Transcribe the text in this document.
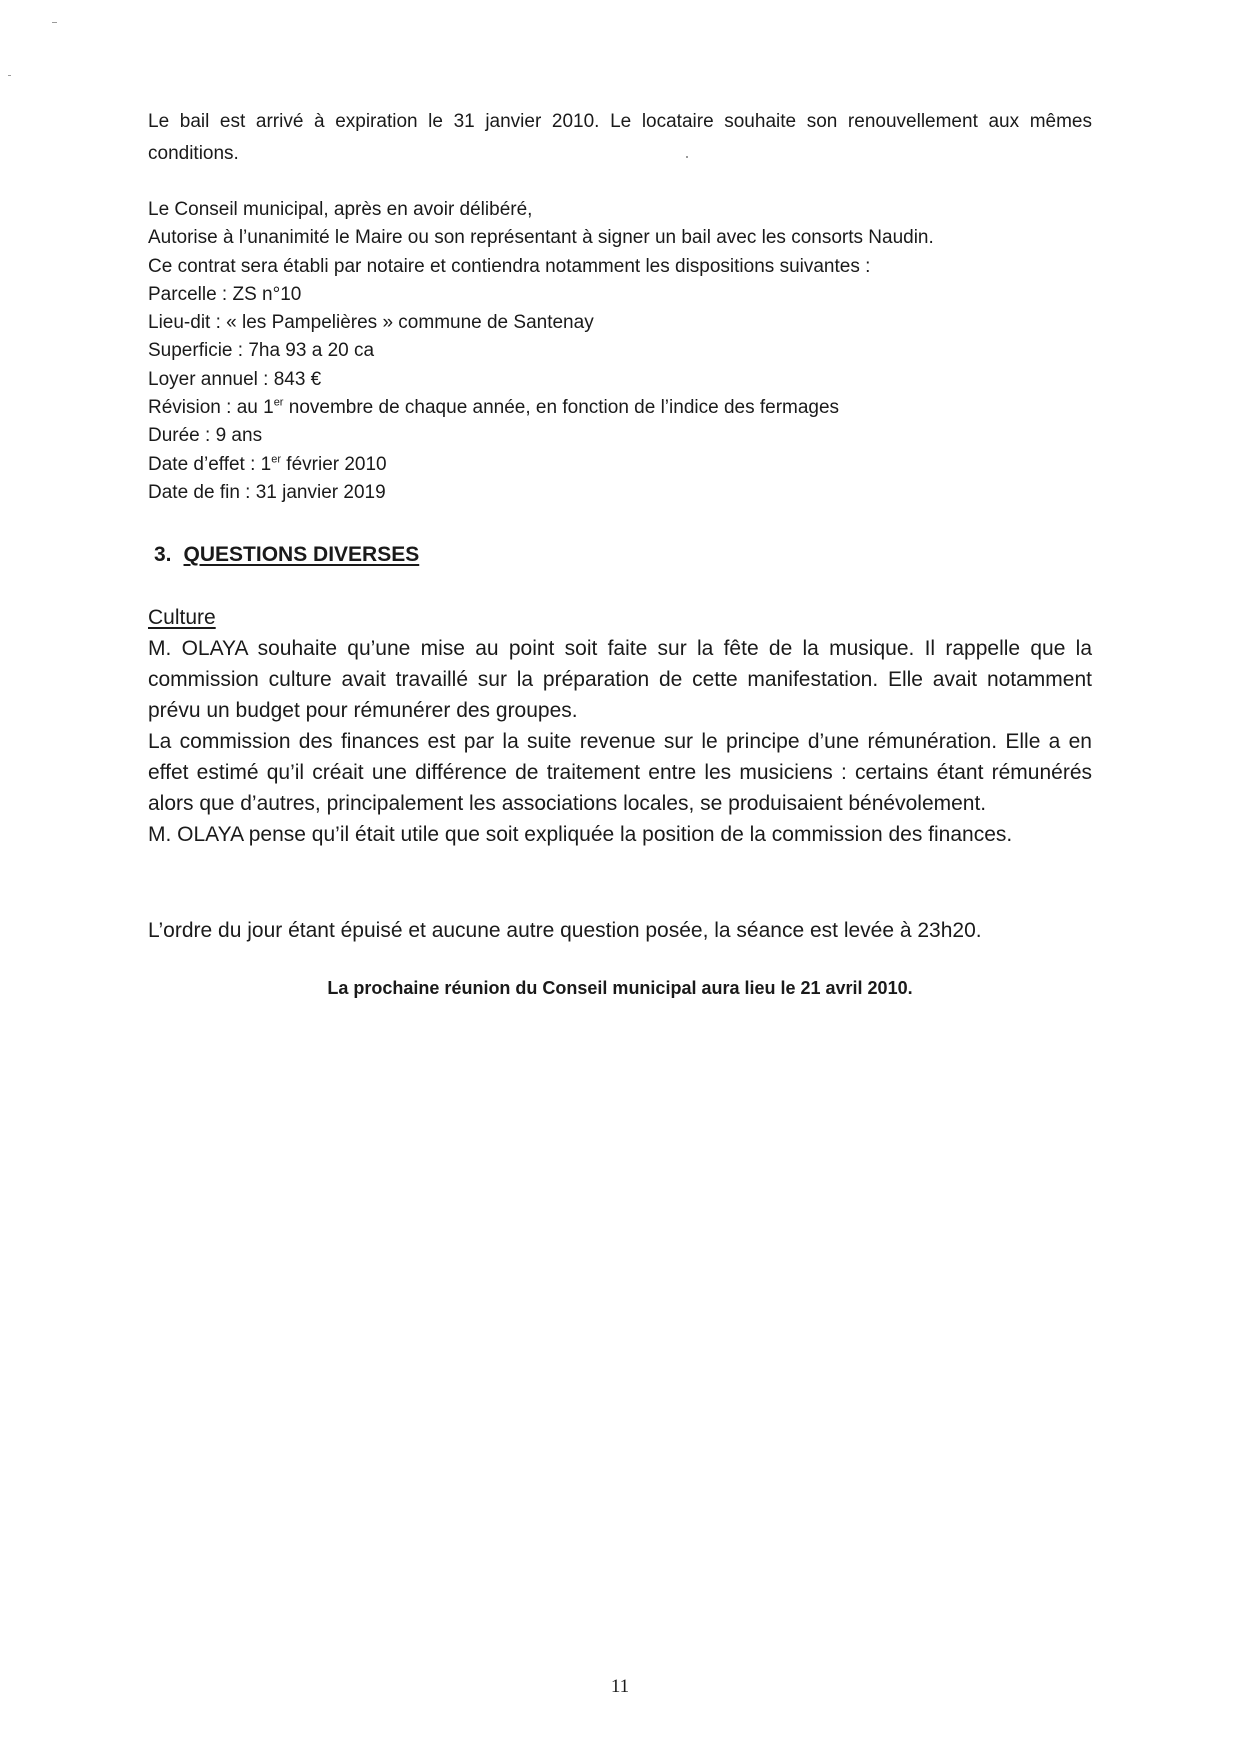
Le bail est arrivé à expiration le 31 janvier 2010. Le locataire souhaite son renouvellement aux mêmes conditions.
Le Conseil municipal, après en avoir délibéré,
Autorise à l’unanimité le Maire ou son représentant à signer un bail avec les consorts Naudin.
Ce contrat sera établi par notaire et contiendra notamment les dispositions suivantes :
Parcelle : ZS n°10
Lieu-dit : « les Pampelières » commune de Santenay
Superficie : 7ha 93 a 20 ca
Loyer annuel : 843 €
Révision : au 1er novembre de chaque année, en fonction de l’indice des fermages
Durée : 9 ans
Date d’effet : 1er février 2010
Date de fin : 31 janvier 2019
3. QUESTIONS DIVERSES
Culture

M. OLAYA souhaite qu’une mise au point soit faite sur la fête de la musique. Il rappelle que la commission culture avait travaillé sur la préparation de cette manifestation. Elle avait notamment prévu un budget pour rémunérer des groupes.

La commission des finances est par la suite revenue sur le principe d’une rémunération. Elle a en effet estimé qu’il créait une différence de traitement entre les musiciens : certains étant rémunérés alors que d’autres, principalement les associations locales, se produisaient bénévolement.

M. OLAYA pense qu’il était utile que soit expliquée la position de la commission des finances.

L’ordre du jour étant épuisé et aucune autre question posée, la séance est levée à 23h20.
La prochaine réunion du Conseil municipal aura lieu le 21 avril 2010.
11
